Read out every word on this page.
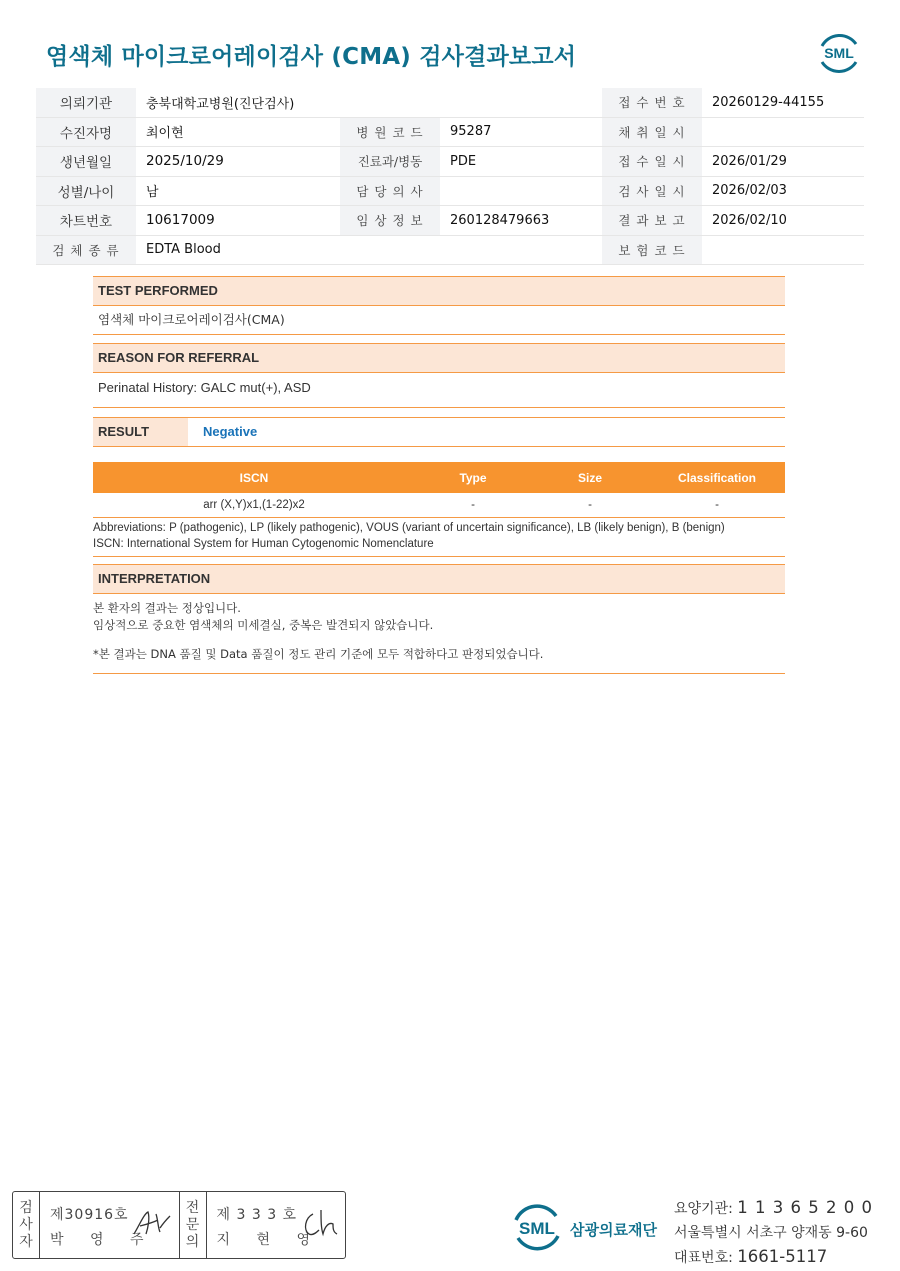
염색체 마이크로어레이검사 (CMA) 검사결과보고서	SML
의뢰기관	충북대학교병원(진단검사)			접 수 번 호	20260129-44155
수진자명	최이현	병 원 코 드	95287	채 취 일 시	
생년월일	2025/10/29	진료과/병동	PDE	접 수 일 시	2026/01/29
성별/나이	남	담 당 의 사		검 사 일 시	2026/02/03
차트번호	10617009	임 상 정 보	260128479663	결 과 보 고	2026/02/10
검 체 종 류	EDTA Blood			보 험 코 드	
TEST PERFORMED
염색체 마이크로어레이검사(CMA)
REASON FOR REFERRAL
Perinatal History: GALC mut(+), ASD
RESULT	Negative
ISCN	Type	Size	Classification
arr (X,Y)x1,(1-22)x2	-	-	-
Abbreviations: P (pathogenic), LP (likely pathogenic), VOUS (variant of uncertain significance), LB (likely benign), B (benign)
ISCN: International System for Human Cytogenomic Nomenclature
INTERPRETATION

본 환자의 결과는 정상입니다.

임상적으로 중요한 염색체의 미세결실, 중복은 발견되지 않았습니다.

*본 결과는 DNA 품질 및 Data 품질이 정도 관리 기준에 모두 적합하다고 판정되었습니다.

검
사
자
제30916호
박 영 주
전
문
의
제 3 3 3 호
지 현 영
SML 삼광의료재단
요양기관: 1 1 3 6 5 2 0 0
서울특별시 서초구 양재동 9-60
대표번호: 1661-5117
